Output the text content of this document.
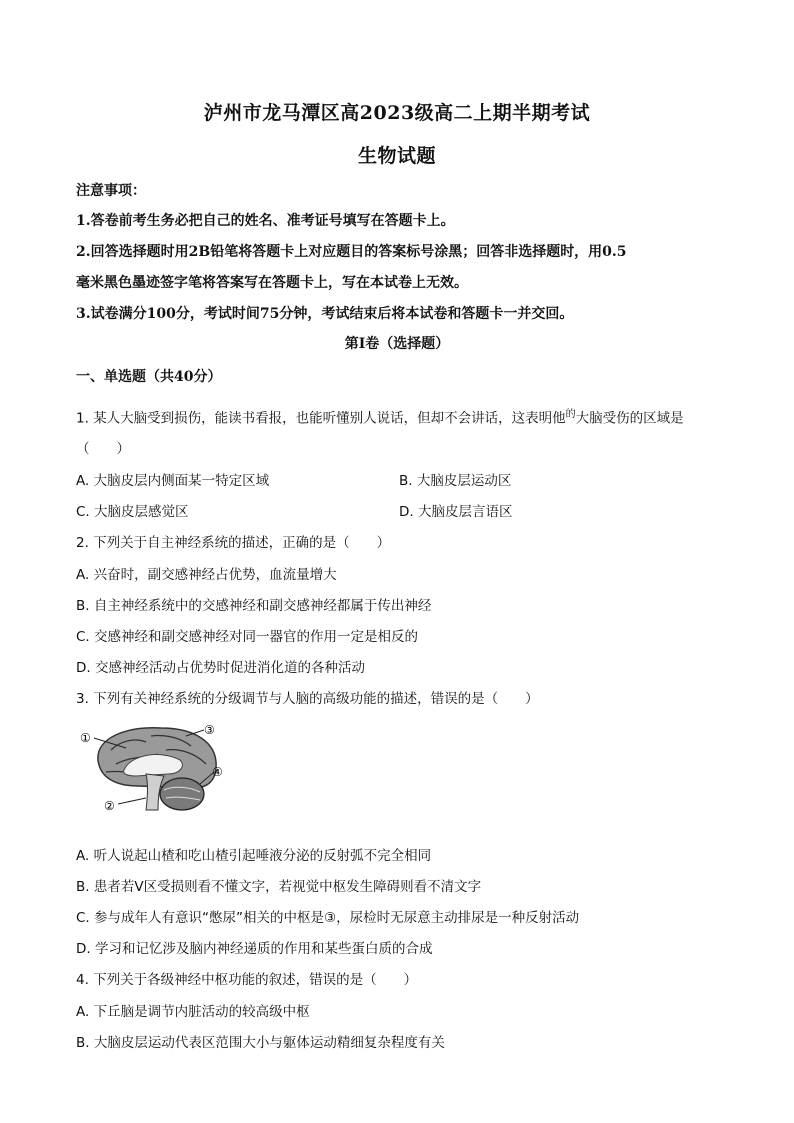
泸州市龙马潭区高2023级高二上期半期考试
生物试题
注意事项：
1.答卷前考生务必把自己的姓名、准考证号填写在答题卡上。
2.回答选择题时用2B铅笔将答题卡上对应题目的答案标号涂黑；回答非选择题时，用0.5
毫米黑色墨迹签字笔将答案写在答题卡上，写在本试卷上无效。
3.试卷满分100分，考试时间75分钟，考试结束后将本试卷和答题卡一并交回。
第Ⅰ卷（选择题）
一、单选题（共40分）
1. 某人大脑受到损伤，能读书看报，也能听懂别人说话，但却不会讲话，这表明他$^的$大脑受伤的区域是
（　　）
A. 大脑皮层内侧面某一特定区域	B. 大脑皮层运动区
C. 大脑皮层感觉区	D. 大脑皮层言语区
2. 下列关于自主神经系统的描述，正确的是（　　）
A. 兴奋时，副交感神经占优势，血流量增大
B. 自主神经系统中的交感神经和副交感神经都属于传出神经
C. 交感神经和副交感神经对同一器官的作用一定是相反的
D. 交感神经活动占优势时促进消化道的各种活动
3. 下列有关神经系统的分级调节与人脑的高级功能的描述，错误的是（　　）
①
②
③
④
A. 听人说起山楂和吃山楂引起唾液分泌的反射弧不完全相同
B. 患者若Ⅴ区受损则看不懂文字，若视觉中枢发生障碍则看不清文字
C. 参与成年人有意识“憋尿”相关的中枢是③，尿检时无尿意主动排尿是一种反射活动
D. 学习和记忆涉及脑内神经递质的作用和某些蛋白质的合成
4. 下列关于各级神经中枢功能的叙述，错误的是（　　）
A. 下丘脑是调节内脏活动的较高级中枢
B. 大脑皮层运动代表区范围大小与躯体运动精细复杂程度有关
